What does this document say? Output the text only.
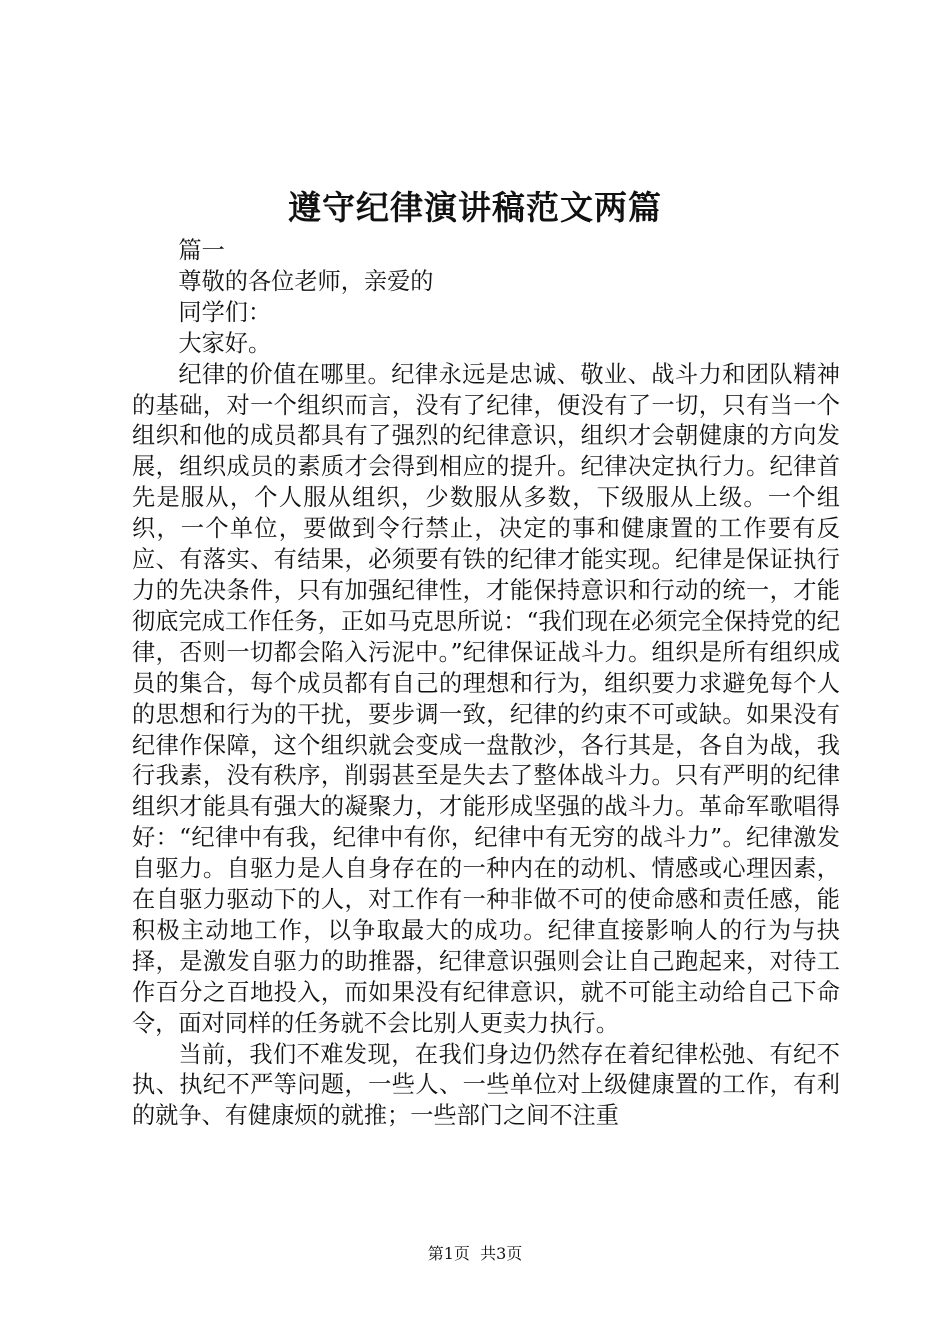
遵守纪律演讲稿范文两篇

篇一

尊敬的各位老师，亲爱的

同学们：

大家好。

纪律的价值在哪里。纪律永远是忠诚、敬业、战斗力和团队精神的基础，对一个组织而言，没有了纪律，便没有了一切，只有当一个组织和他的成员都具有了强烈的纪律意识，组织才会朝健康的方向发展，组织成员的素质才会得到相应的提升。纪律决定执行力。纪律首先是服从，个人服从组织，少数服从多数，下级服从上级。一个组织，一个单位，要做到令行禁止，决定的事和健康置的工作要有反应、有落实、有结果，必须要有铁的纪律才能实现。纪律是保证执行力的先决条件，只有加强纪律性，才能保持意识和行动的统一，才能彻底完成工作任务，正如马克思所说：“我们现在必须完全保持党的纪律，否则一切都会陷入污泥中。”纪律保证战斗力。组织是所有组织成员的集合，每个成员都有自己的理想和行为，组织要力求避免每个人的思想和行为的干扰，要步调一致，纪律的约束不可或缺。如果没有纪律作保障，这个组织就会变成一盘散沙，各行其是，各自为战，我行我素，没有秩序，削弱甚至是失去了整体战斗力。只有严明的纪律组织才能具有强大的凝聚力，才能形成坚强的战斗力。革命军歌唱得好：“纪律中有我，纪律中有你，纪律中有无穷的战斗力”。纪律激发自驱力。自驱力是人自身存在的一种内在的动机、情感或心理因素，在自驱力驱动下的人，对工作有一种非做不可的使命感和责任感，能积极主动地工作，以争取最大的成功。纪律直接影响人的行为与抉择，是激发自驱力的助推器，纪律意识强则会让自己跑起来，对待工作百分之百地投入，而如果没有纪律意识，就不可能主动给自己下命令，面对同样的任务就不会比别人更卖力执行。

当前，我们不难发现，在我们身边仍然存在着纪律松弛、有纪不执、执纪不严等问题，一些人、一些单位对上级健康置的工作，有利的就争、有健康烦的就推；一些部门之间不注重

第1页 共3页
